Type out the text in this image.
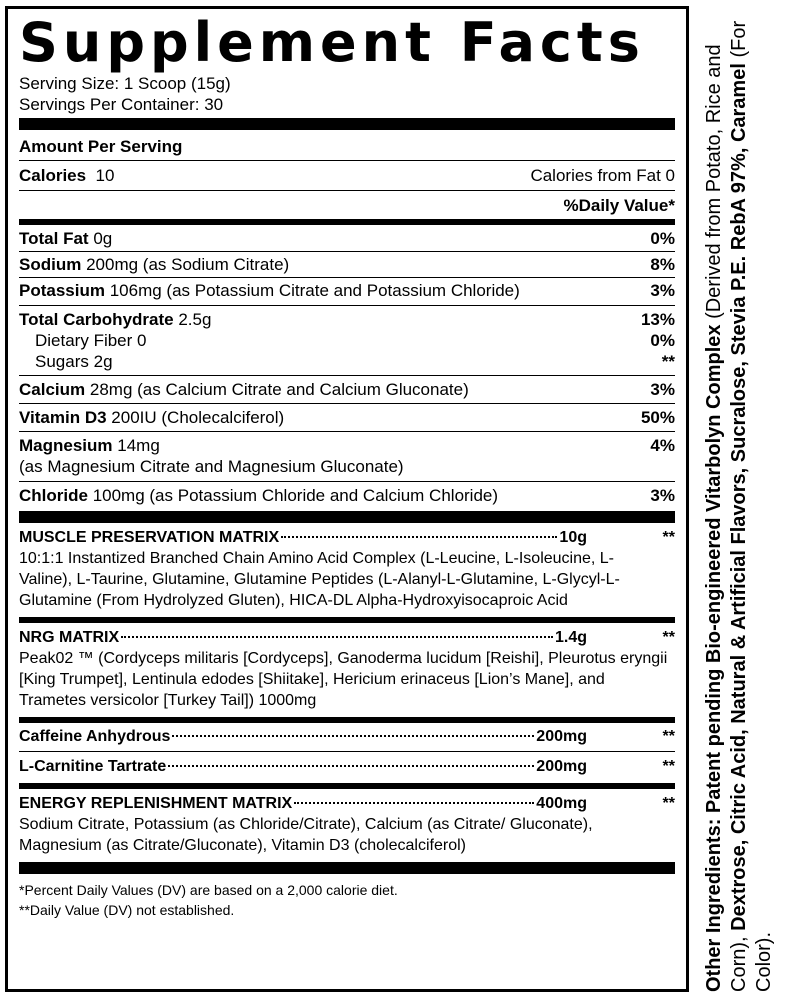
Supplement Facts
Serving Size: 1 Scoop (15g)
Servings Per Container: 30
Amount Per Serving
Calories 10	Calories from Fat 0
%Daily Value*
Total Fat 0g	0%
Sodium 200mg (as Sodium Citrate)	8%
Potassium 106mg (as Potassium Citrate and Potassium Chloride)	3%
Total Carbohydrate 2.5g	13%
Dietary Fiber 0	0%
Sugars 2g	**
Calcium 28mg (as Calcium Citrate and Calcium Gluconate)	3%
Vitamin D3 200IU (Cholecalciferol)	50%
Magnesium 14mg	4%
(as Magnesium Citrate and Magnesium Gluconate)
Chloride 100mg (as Potassium Chloride and Calcium Chloride)	3%
MUSCLE PRESERVATION MATRIX	10g	**
10:1:1 Instantized Branched Chain Amino Acid Complex (L-Leucine, L-Isoleucine, L-Valine), L-Taurine, Glutamine, Glutamine Peptides (L-Alanyl-L-Glutamine, L-Glycyl-L-Glutamine (From Hydrolyzed Gluten), HICA-DL Alpha-Hydroxyisocaproic Acid
NRG MATRIX	1.4g	**
Peak02 ™ (Cordyceps militaris [Cordyceps], Ganoderma lucidum [Reishi], Pleurotus eryngii [King Trumpet], Lentinula edodes [Shiitake], Hericium erinaceus [Lion’s Mane], and Trametes versicolor [Turkey Tail]) 1000mg
Caffeine Anhydrous	200mg	**
L-Carnitine Tartrate	200mg	**
ENERGY REPLENISHMENT MATRIX	400mg	**
Sodium Citrate, Potassium (as Chloride/Citrate), Calcium (as Citrate/ Gluconate), Magnesium (as Citrate/Gluconate), Vitamin D3 (cholecalciferol)
*Percent Daily Values (DV) are based on a 2,000 calorie diet.
**Daily Value (DV) not established.	Other Ingredients: Patent pending Bio-engineered Vitarbolyn Complex (Derived from Potato, Rice and Corn), Dextrose, Citric Acid, Natural & Artificial Flavors, Sucralose, Stevia P.E. RebA 97%, Caramel (For Color).
